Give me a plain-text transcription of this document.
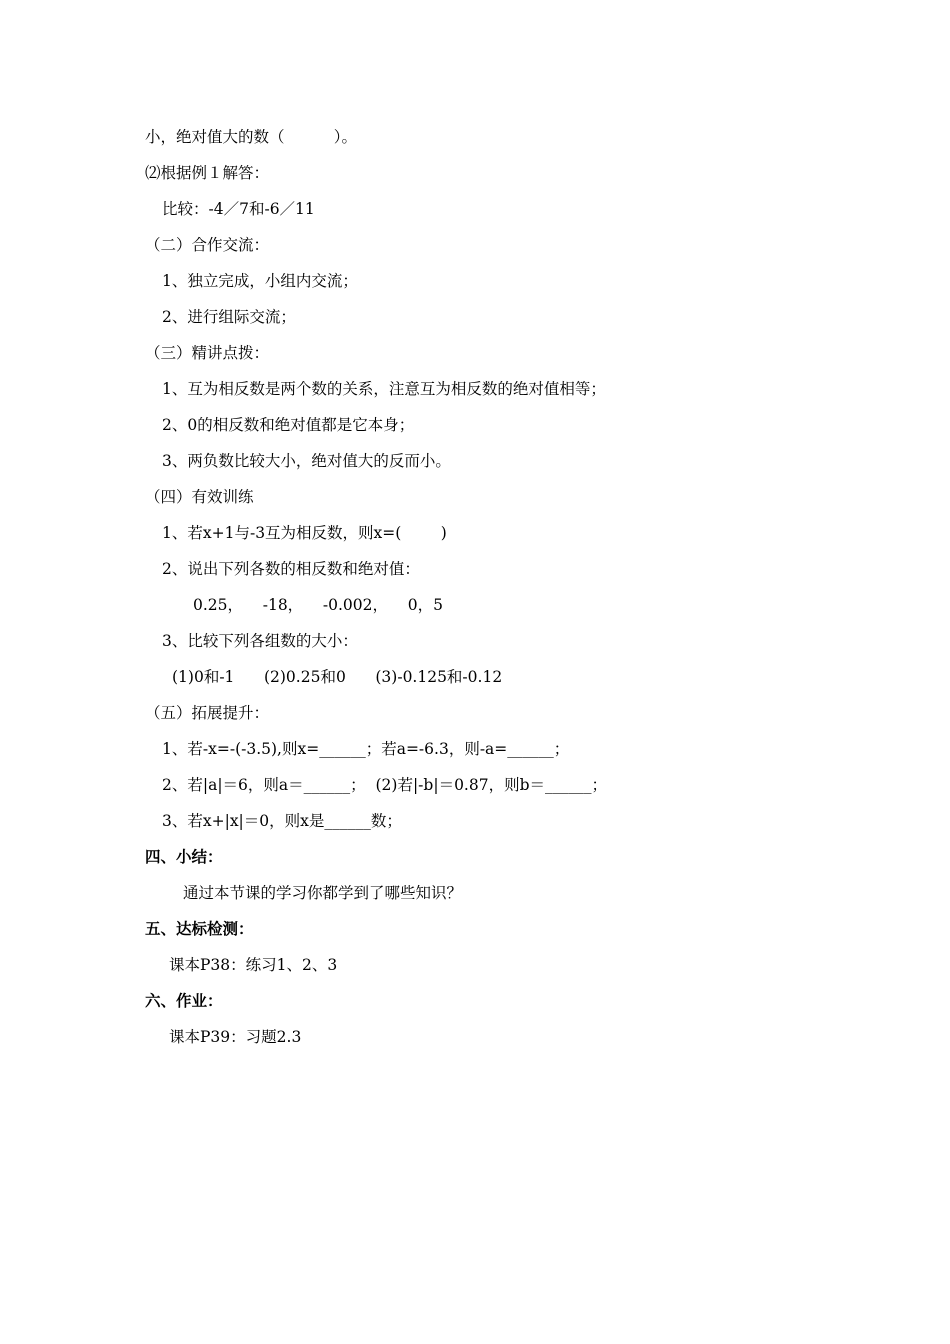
小，绝对值大的数（          ）。
⑵根据例１解答：
比较：-4／7和-6／11
（二）合作交流：
1、独立完成，小组内交流；
2、进行组际交流；
（三）精讲点拨：
1、互为相反数是两个数的关系，注意互为相反数的绝对值相等；
2、0的相反数和绝对值都是它本身；
3、两负数比较大小，绝对值大的反而小。
（四）有效训练
1、若x+1与-3互为相反数，则x=(        )
2、说出下列各数的相反数和绝对值：
0.25，    -18，    -0.002，    0，5
3、比较下列各组数的大小：
(1)0和-1      (2)0.25和0      (3)-0.125和-0.12
（五）拓展提升：
1、若-x=-(-3.5),则x=______；若a=-6.3，则-a=______；
2、若|a|＝6，则a＝______；  (2)若|-b|＝0.87，则b＝______；
3、若x+|x|＝0，则x是______数；
四、小结：
通过本节课的学习你都学到了哪些知识？
五、达标检测：
课本P38：练习1、2、3
六、作业：
课本P39：习题2.3
